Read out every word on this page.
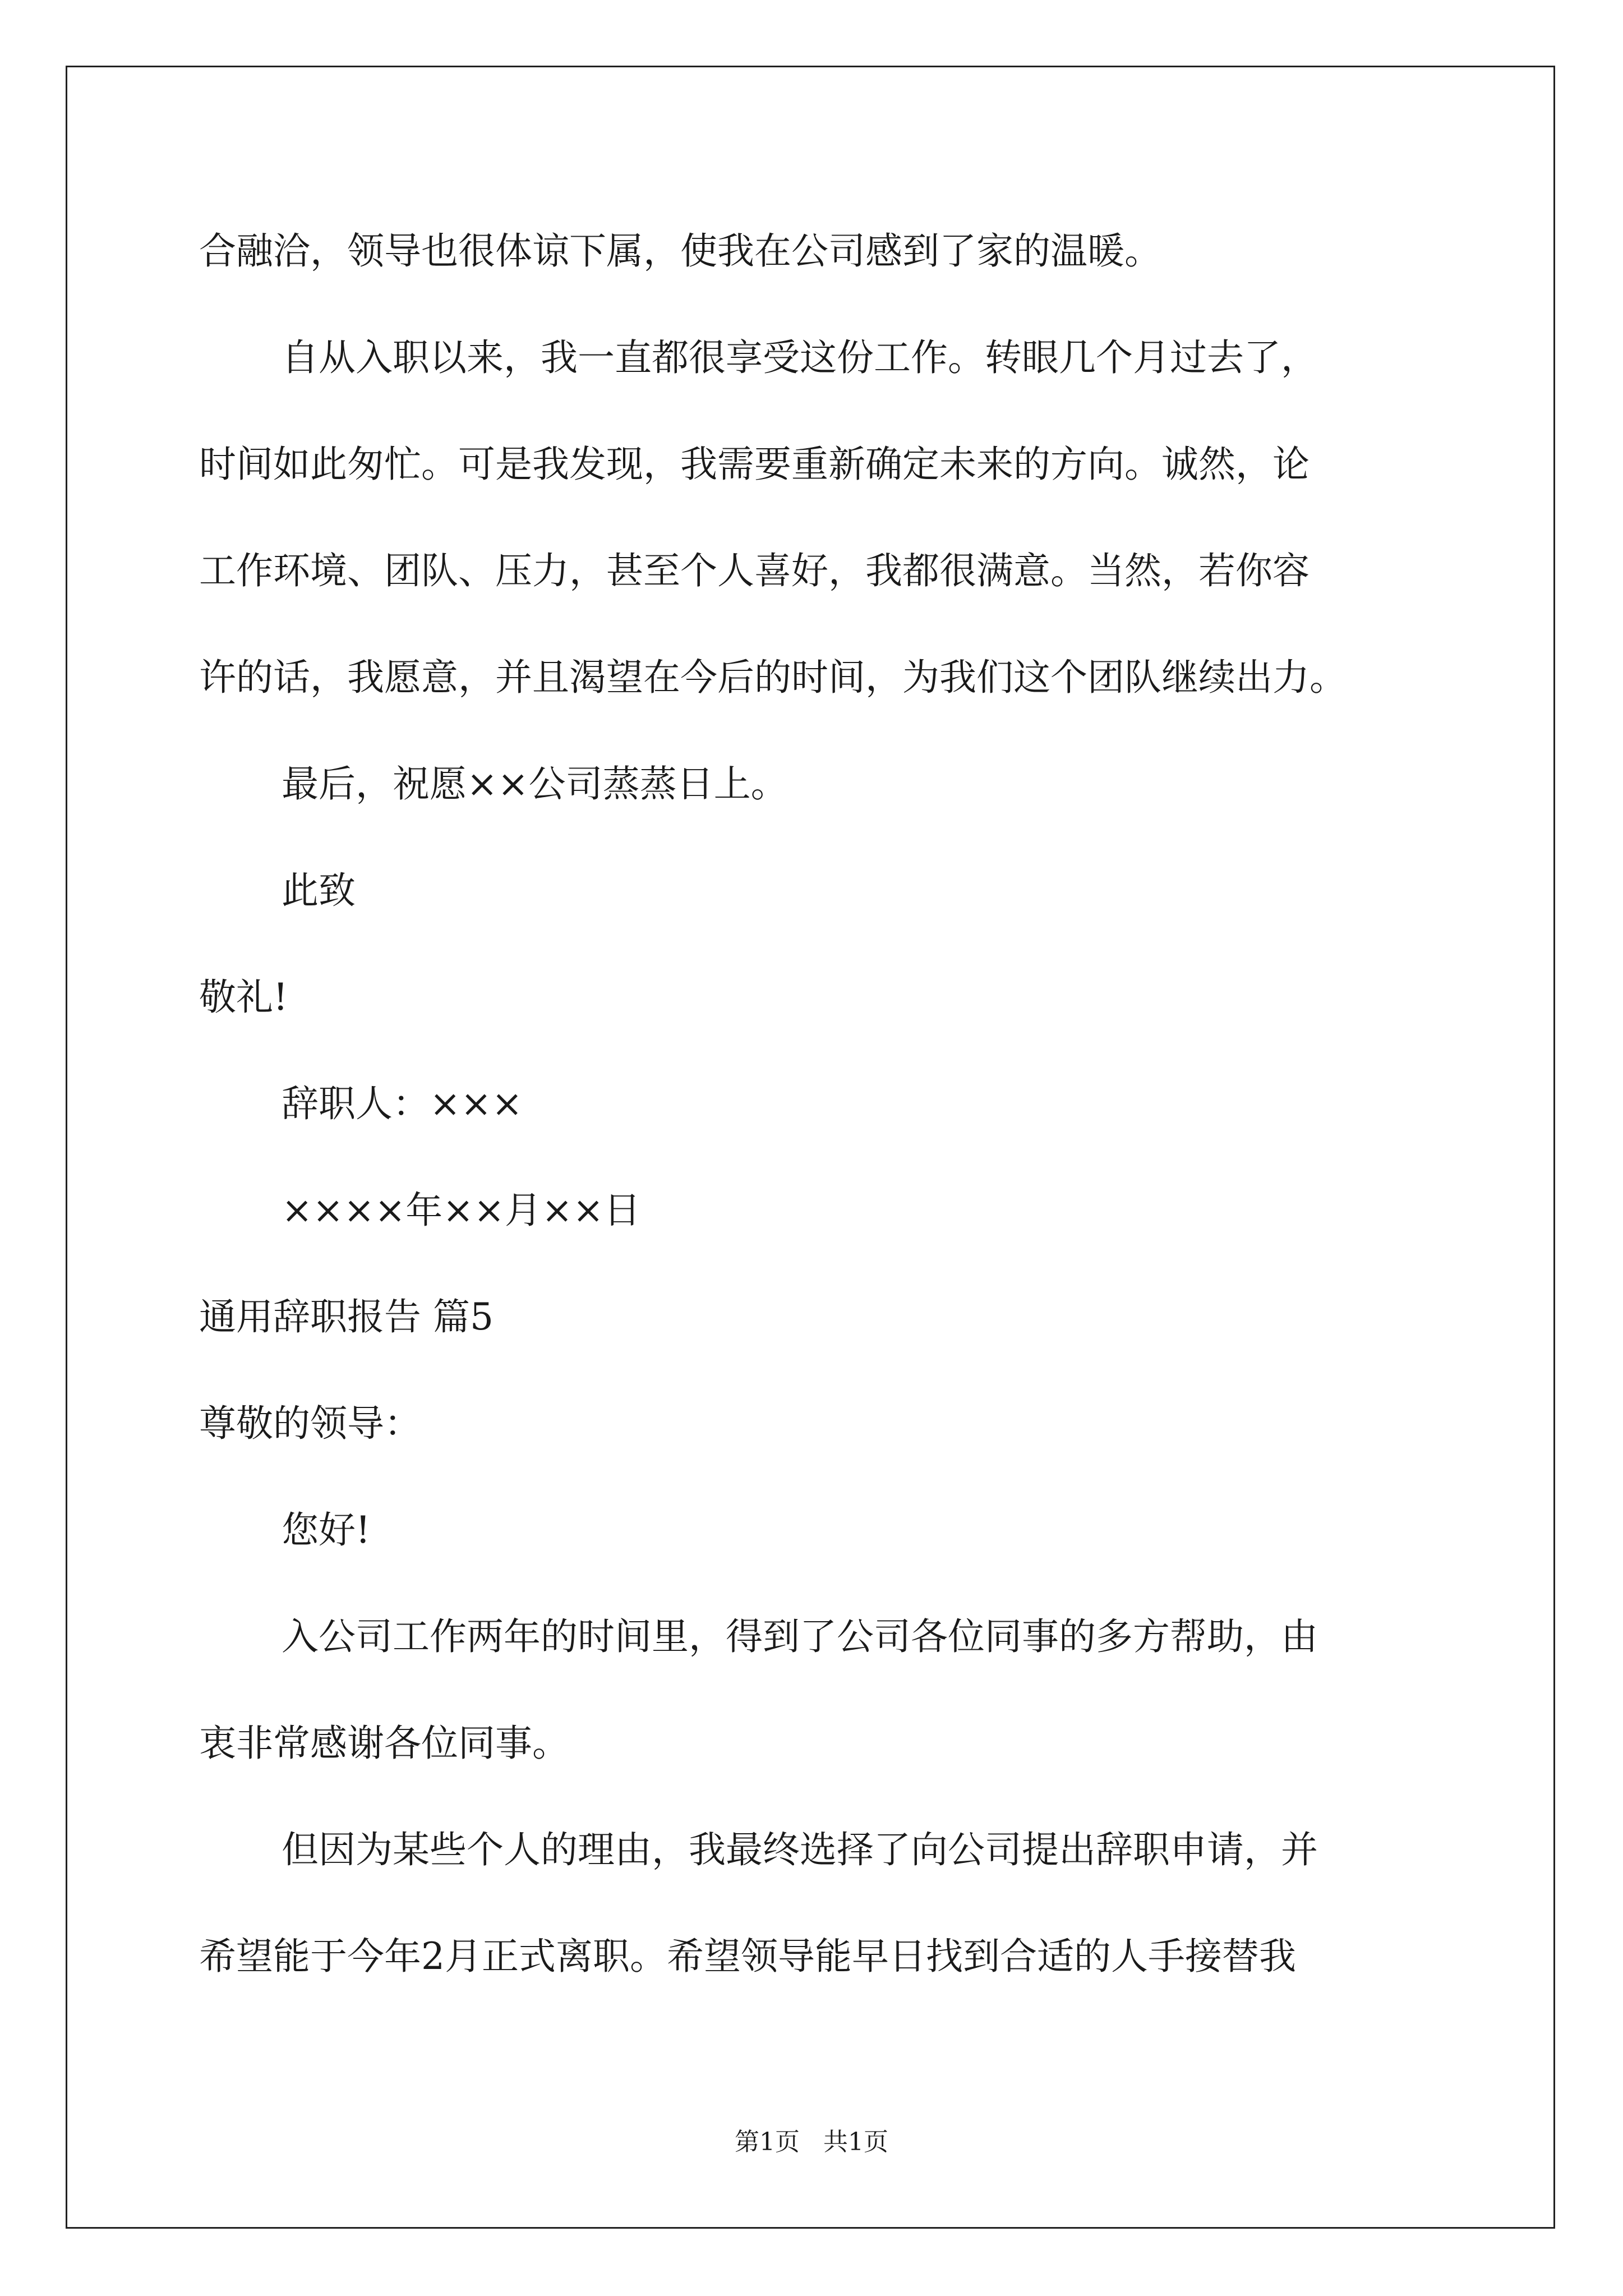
合融洽，领导也很体谅下属，使我在公司感到了家的温暖。
自从入职以来，我一直都很享受这份工作。转眼几个月过去了，
时间如此匆忙。可是我发现，我需要重新确定未来的方向。诚然，论
工作环境、团队、压力，甚至个人喜好，我都很满意。当然，若你容
许的话，我愿意，并且渴望在今后的时间，为我们这个团队继续出力。
最后，祝愿××公司蒸蒸日上。
此致
敬礼!
辞职人：×××
××××年××月××日
通用辞职报告 篇5
尊敬的领导：
您好!
入公司工作两年的时间里，得到了公司各位同事的多方帮助，由
衷非常感谢各位同事。
但因为某些个人的理由，我最终选择了向公司提出辞职申请，并
希望能于今年2月正式离职。希望领导能早日找到合适的人手接替我
第1页   共1页
